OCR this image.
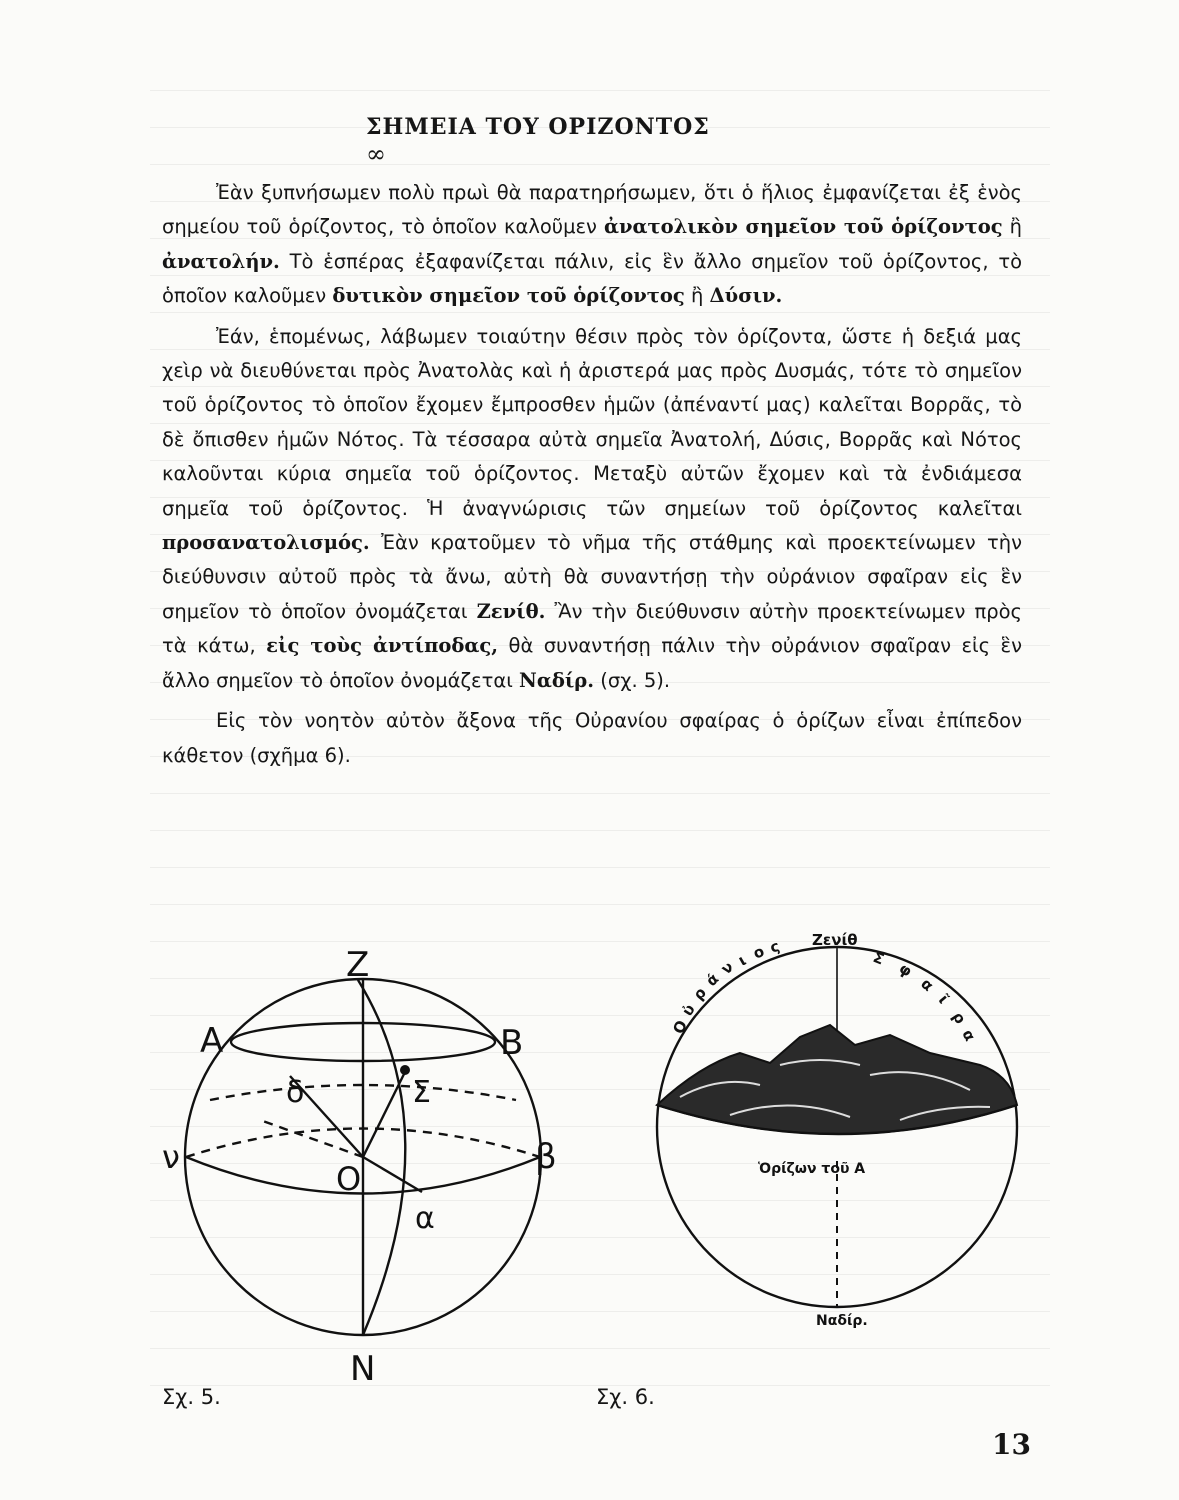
ΣΗΜΕΙΑ ΤΟΥ ΟΡΙΖΟΝΤΟΣ
∞

Ἐὰν ξυπνήσωμεν πολὺ πρωὶ θὰ παρατηρήσωμεν, ὅτι ὁ ἥλιος ἐμφανίζεται ἐξ ἑνὸς σημείου τοῦ ὁρίζοντος, τὸ ὁποῖον καλοῦμεν ἀνατολικὸν σημεῖον τοῦ ὁρίζοντος ἢ ἀνατολήν. Τὸ ἑσπέρας ἐξαφανίζεται πάλιν, εἰς ἓν ἄλλο σημεῖον τοῦ ὁρίζοντος, τὸ ὁποῖον καλοῦμεν δυτικὸν σημεῖον τοῦ ὁρίζοντος ἢ Δύσιν.

Ἐάν, ἑπομένως, λάβωμεν τοιαύτην θέσιν πρὸς τὸν ὁρίζοντα, ὥστε ἡ δεξιά μας χεὶρ νὰ διευθύνεται πρὸς Ἀνατολὰς καὶ ἡ ἀριστερά μας πρὸς Δυσμάς, τότε τὸ σημεῖον τοῦ ὁρίζοντος τὸ ὁποῖον ἔχομεν ἔμπροσθεν ἡμῶν (ἀπέναντί μας) καλεῖται Βορρᾶς, τὸ δὲ ὄπισθεν ἡμῶν Νότος. Τὰ τέσσαρα αὐτὰ σημεῖα Ἀνατολή, Δύσις, Βορρᾶς καὶ Νότος καλοῦνται κύρια σημεῖα τοῦ ὁρίζοντος. Μεταξὺ αὐτῶν ἔχομεν καὶ τὰ ἐνδιάμεσα σημεῖα τοῦ ὁρίζοντος. Ἡ ἀναγνώρισις τῶν σημείων τοῦ ὁρίζοντος καλεῖται προσανατολισμός. Ἐὰν κρατοῦμεν τὸ νῆμα τῆς στάθμης καὶ προεκτείνωμεν τὴν διεύθυνσιν αὐτοῦ πρὸς τὰ ἄνω, αὐτὴ θὰ συναντήσῃ τὴν οὐράνιον σφαῖραν εἰς ἓν σημεῖον τὸ ὁποῖον ὀνομάζεται Ζενίθ. Ἂν τὴν διεύθυνσιν αὐτὴν προεκτείνωμεν πρὸς τὰ κάτω, εἰς τοὺς ἀντίποδας, θὰ συναντήσῃ πάλιν τὴν οὐράνιον σφαῖραν εἰς ἓν ἄλλο σημεῖον τὸ ὁποῖον ὀνομάζεται Ναδίρ. (σχ. 5).

Εἰς τὸν νοητὸν αὐτὸν ἄξονα τῆς Οὐρανίου σφαίρας ὁ ὁρίζων εἶναι ἐπίπεδον κάθετον (σχῆμα 6).

Z
A	B
δ	Σ
ν
O
β
α
N
Σχ. 5.
Ζενίθ
Ο
ὐ
ρ
ά
ν
ι ο ς
Σ
φ
α
ῖ
ρ
α
Ὁρίζων τοῦ Α
Ναδίρ.
Σχ. 6.
13
